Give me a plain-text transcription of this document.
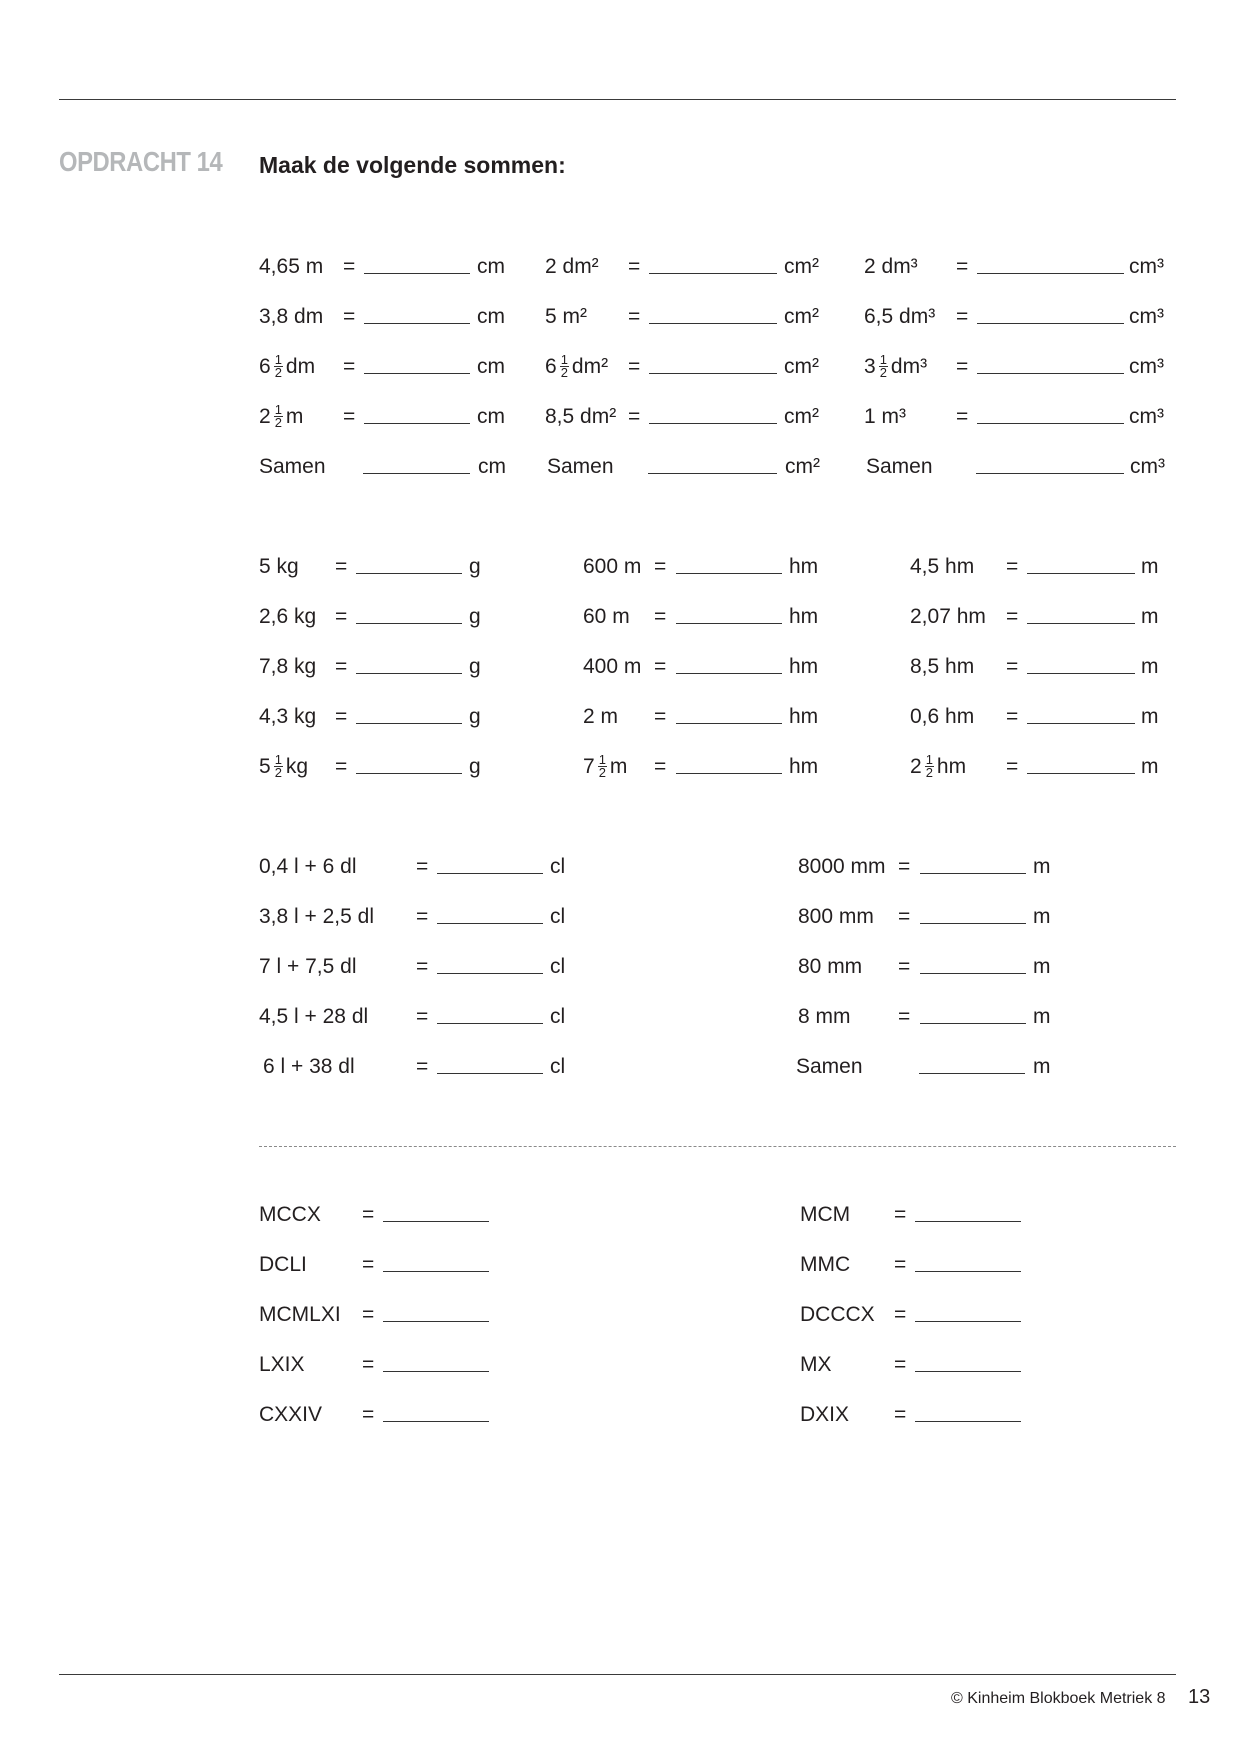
OPDRACHT 14 Maak de volgende sommen:
4,65 m =	cm 2 dm² =	cm² 2 dm³ =	cm³
3,8 dm =	cm 5 m² =	cm² 6,5 dm³ =	cm³
$6 \frac{1}{2}$ dm =	cm $6 \frac{1}{2} dm^2$ =	cm² $3 \frac{1}{2} dm^3$ =	cm³
$2 \frac{1}{2}$ m =	cm 8,5 dm² =	cm² 1 m³ =	cm³
Samen	cm Samen	cm² Samen	cm³
5 kg =	g	600 m =	hm	4,5 hm =	m
2,6 kg =	g	60 m =	hm	2,07 hm =	m
7,8 kg =	g	400 m =	hm	8,5 hm =	m
4,3 kg =	g	2 m =	hm	0,6 hm =	m
$5 \frac{1}{2}$ kg =	g	$7 \frac{1}{2}$ m =	hm	$2 \frac{1}{2}$ hm =	m
0,4 l + 6 dl	=	cl	8000 mm =	m
3,8 l + 2,5 dl =	cl	800 mm =	m
7 l + 7,5 dl	=	cl	80 mm =	m
4,5 l + 28 dl =	cl	8 mm =	m
6 l + 38 dl	=	cl	Samen	m
MCCX =	MCM =
DCLI	=	MMC =
MCMLXI =	DCCCX =
LXIX	=	MX	=
CXXIV =	DXIX =
© Kinheim Blokboek Metriek 8 13
